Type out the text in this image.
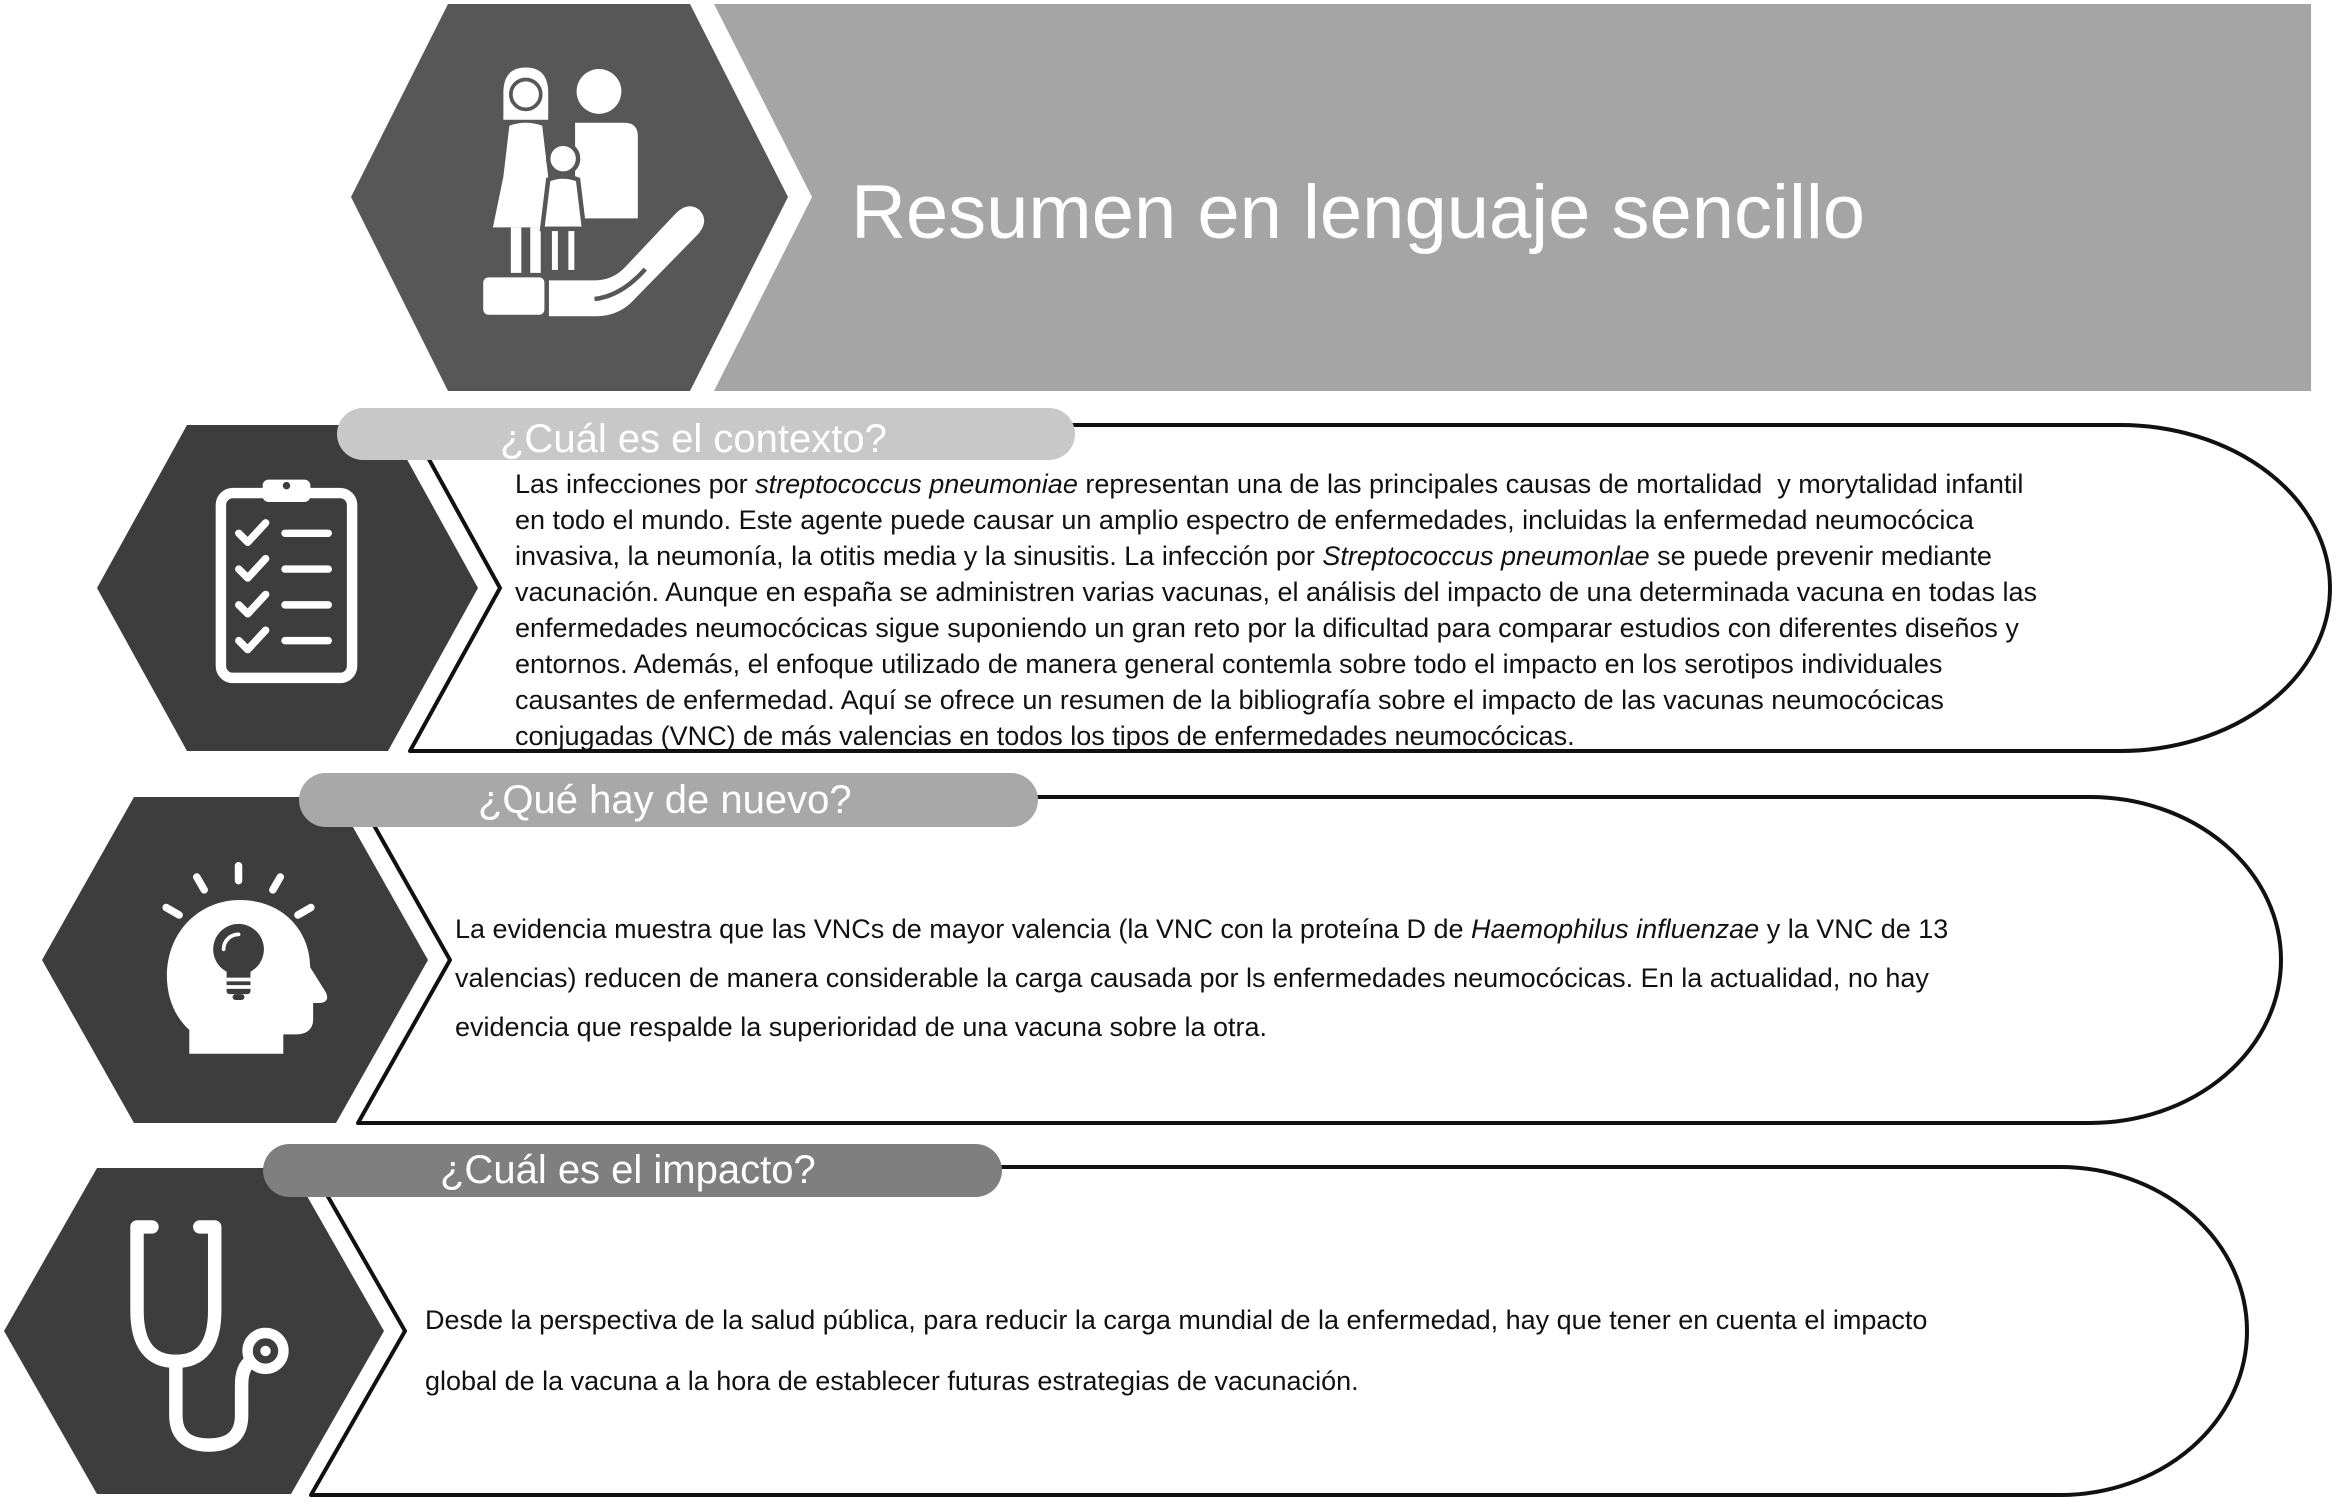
Resumen en lenguaje sencillo
¿Cuál es el contexto?
Las infecciones por streptococcus pneumoniae representan una de las principales causas de mortalidad  y morytalidad infantil
en todo el mundo. Este agente puede causar un amplio espectro de enfermedades, incluidas la enfermedad neumocócica
invasiva, la neumonía, la otitis media y la sinusitis. La infección por Streptococcus pneumonlae se puede prevenir mediante
vacunación. Aunque en españa se administren varias vacunas, el análisis del impacto de una determinada vacuna en todas las
enfermedades neumocócicas sigue suponiendo un gran reto por la dificultad para comparar estudios con diferentes diseños y
entornos. Además, el enfoque utilizado de manera general contemla sobre todo el impacto en los serotipos individuales
causantes de enfermedad. Aquí se ofrece un resumen de la bibliografía sobre el impacto de las vacunas neumocócicas
conjugadas (VNC) de más valencias en todos los tipos de enfermedades neumocócicas.
¿Qué hay de nuevo?
La evidencia muestra que las VNCs de mayor valencia (la VNC con la proteína D de Haemophilus influenzae y la VNC de 13
valencias) reducen de manera considerable la carga causada por ls enfermedades neumocócicas. En la actualidad, no hay
evidencia que respalde la superioridad de una vacuna sobre la otra.
¿Cuál es el impacto?
Desde la perspectiva de la salud pública, para reducir la carga mundial de la enfermedad, hay que tener en cuenta el impacto
global de la vacuna a la hora de establecer futuras estrategias de vacunación.
